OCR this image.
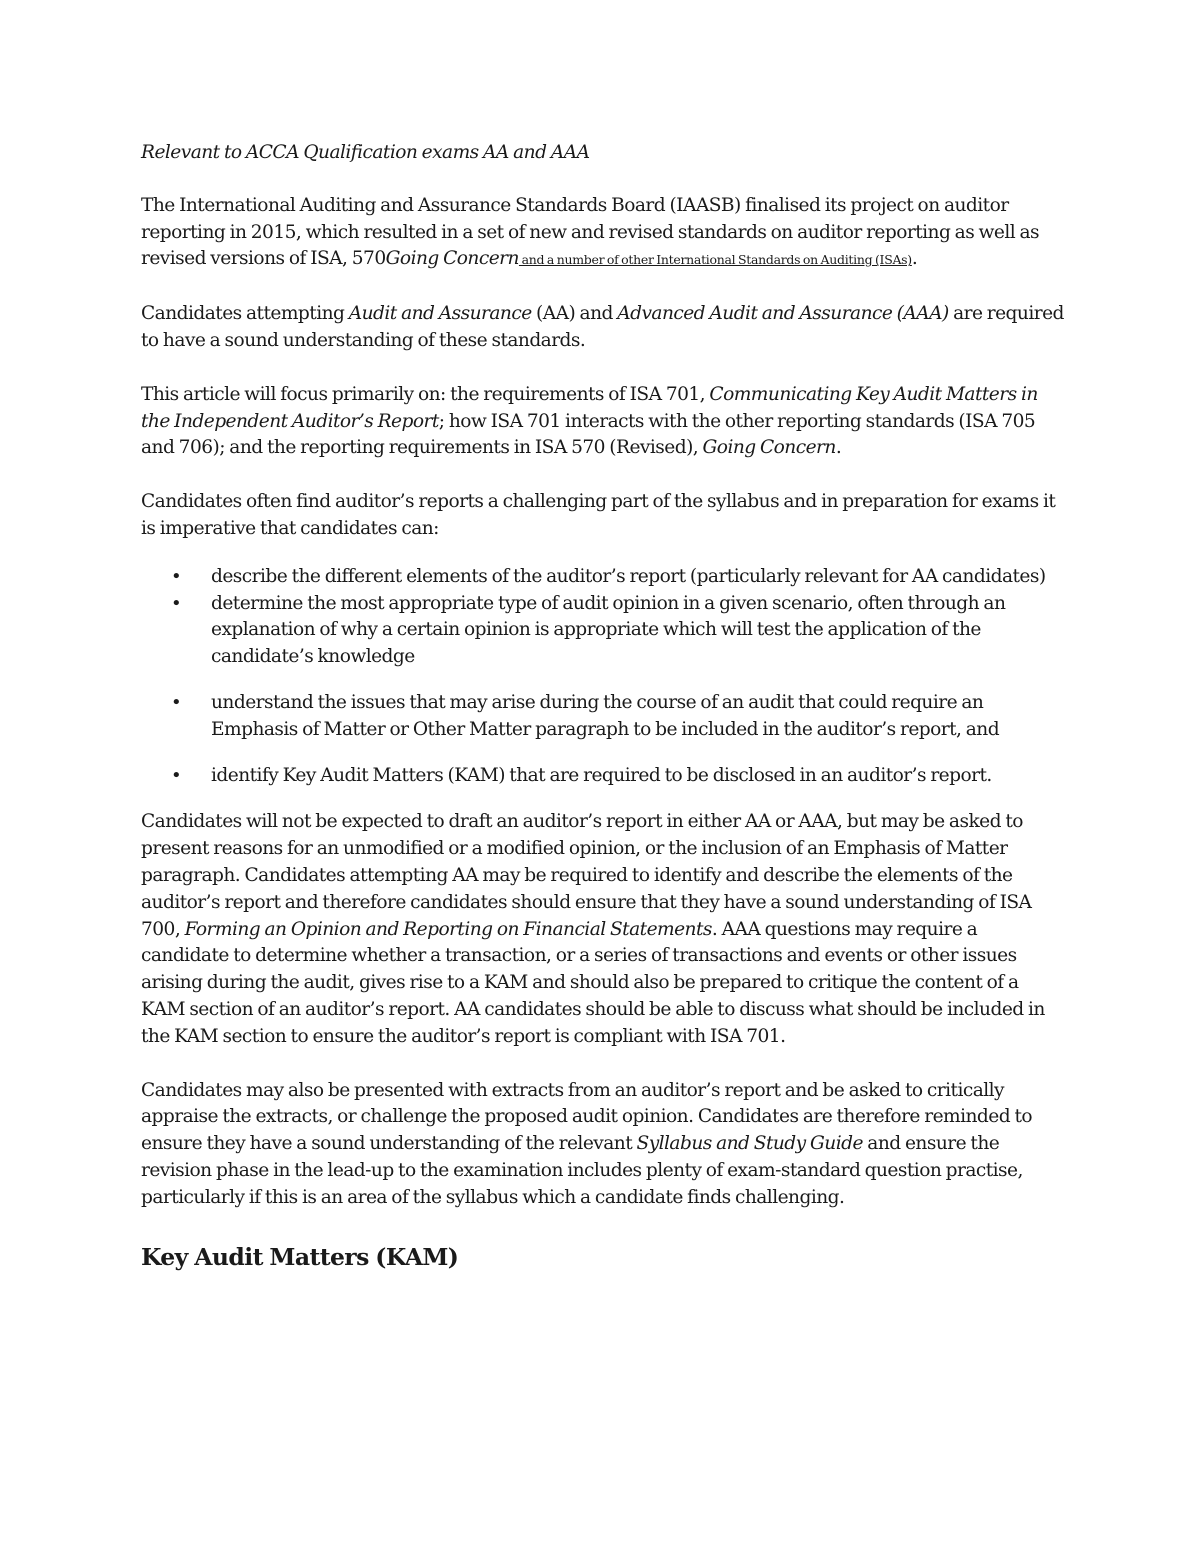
Relevant to ACCA Qualification exams AA and AAA

The International Auditing and Assurance Standards Board (IAASB) finalised its project on auditor reporting in 2015, which resulted in a set of new and revised standards on auditor reporting as well as revised versions of ISA, 570Going Concern and a number of other International Standards on Auditing (ISAs).

Candidates attempting Audit and Assurance (AA) and Advanced Audit and Assurance (AAA) are required to have a sound understanding of these standards.

This article will focus primarily on: the requirements of ISA 701, Communicating Key Audit Matters in the Independent Auditor’s Report; how ISA 701 interacts with the other reporting standards (ISA 705 and 706); and the reporting requirements in ISA 570 (Revised), Going Concern.

Candidates often find auditor’s reports a challenging part of the syllabus and in preparation for exams it is imperative that candidates can:

• describe the different elements of the auditor’s report (particularly relevant for AA candidates)
• determine the most appropriate type of audit opinion in a given scenario, often through an explanation of why a certain opinion is appropriate which will test the application of the candidate’s knowledge
• understand the issues that may arise during the course of an audit that could require an Emphasis of Matter or Other Matter paragraph to be included in the auditor’s report, and
• identify Key Audit Matters (KAM) that are required to be disclosed in an auditor’s report.

Candidates will not be expected to draft an auditor’s report in either AA or AAA, but may be asked to present reasons for an unmodified or a modified opinion, or the inclusion of an Emphasis of Matter paragraph. Candidates attempting AA may be required to identify and describe the elements of the auditor’s report and therefore candidates should ensure that they have a sound understanding of ISA 700, Forming an Opinion and Reporting on Financial Statements. AAA questions may require a candidate to determine whether a transaction, or a series of transactions and events or other issues arising during the audit, gives rise to a KAM and should also be prepared to critique the content of a KAM section of an auditor’s report. AA candidates should be able to discuss what should be included in the KAM section to ensure the auditor’s report is compliant with ISA 701.

Candidates may also be presented with extracts from an auditor’s report and be asked to critically appraise the extracts, or challenge the proposed audit opinion. Candidates are therefore reminded to ensure they have a sound understanding of the relevant Syllabus and Study Guide and ensure the revision phase in the lead-up to the examination includes plenty of exam-standard question practise, particularly if this is an area of the syllabus which a candidate finds challenging.

Key Audit Matters (KAM)
